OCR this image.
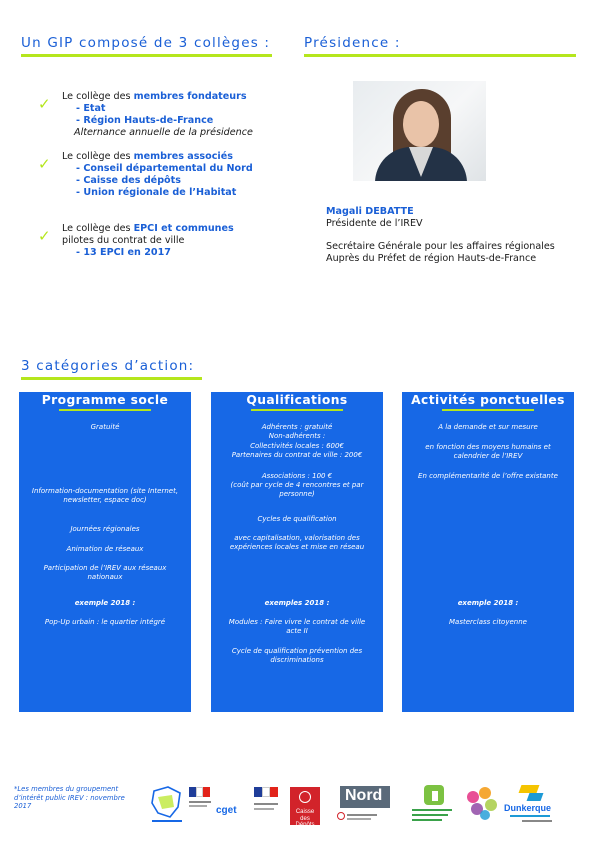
Un GIP composé de 3 collèges :	Présidence :
✓ Le collège des membres fondateurs
- Etat
- Région Hauts-de-France
Alternance annuelle de la présidence
✓ Le collège des membres associés
- Conseil départemental du Nord
- Caisse des dépôts
- Union régionale de l’Habitat
✓ Le collège des EPCI et communes
pilotes du contrat de ville
- 13 EPCI en 2017
Magali DEBATTE
Présidente de l’IREV
Secrétaire Générale pour les affaires régionales
Auprès du Préfet de région Hauts-de-France
3 catégories d’action:
Programme socle

Gratuité

Information-documentation (site Internet, newsletter, espace doc)

Journées régionales

Animation de réseaux

Participation de l’IREV aux réseaux nationaux

exemple 2018 :

Pop-Up urbain : le quartier intégré

Qualifications

Adhérents : gratuité

Non-adhérents :

Collectivités locales : 600€

Partenaires du contrat de ville : 200€

Associations : 100 €

(coût par cycle de 4 rencontres et par personne)

Cycles de qualification

avec capitalisation, valorisation des expériences locales et mise en réseau

exemples 2018 :

Modules : Faire vivre le contrat de ville acte II

Cycle de qualification prévention des discriminations

Activités ponctuelles

A la demande et sur mesure

en fonction des moyens humains et calendrier de l’IREV

En complémentarité de l’offre existante

exemple 2018 :

Masterclass citoyenne

*Les membres du groupement d’intérêt public IREV : novembre 2017	cget	Caisse des Dépôts
Nord
Dunkerque
